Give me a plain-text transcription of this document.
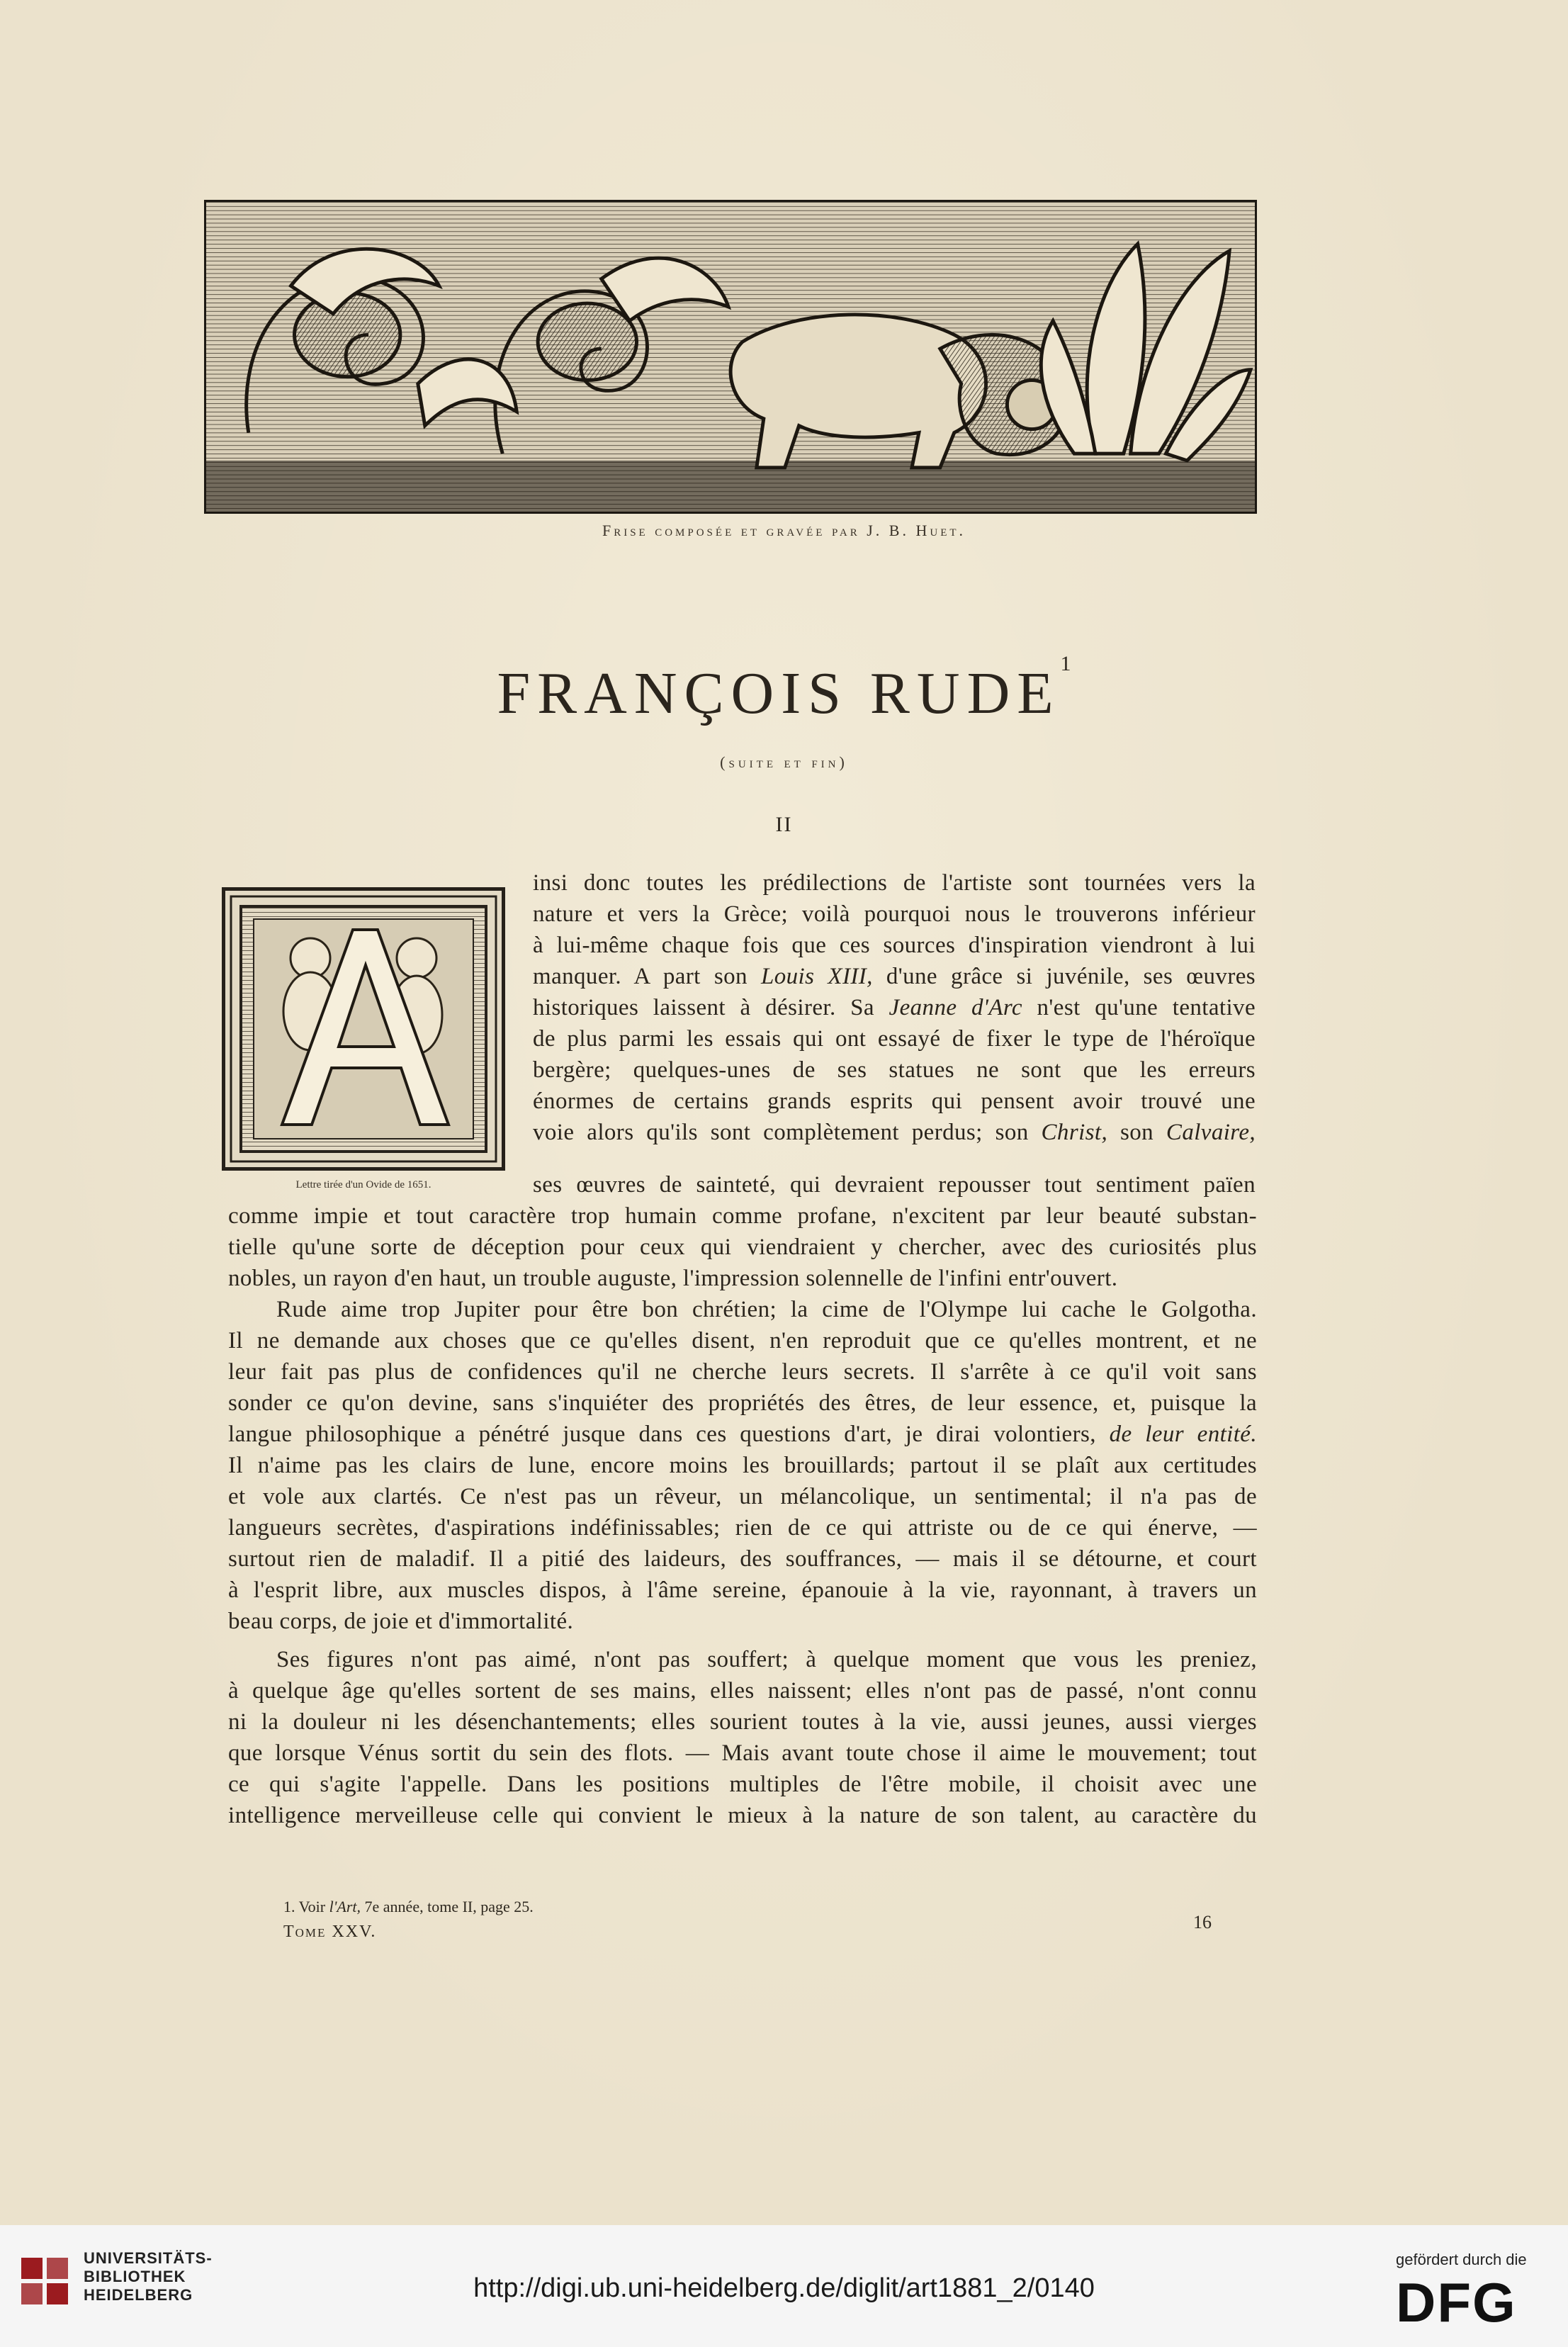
Frise composée et gravée par J. B. Huet.
FRANÇOIS RUDE$^1$
(suite et fin)
II
Lettre tirée d'un Ovide de 1651.
insi donc toutes les prédilections de l'artiste sont tournées vers la
nature et vers la Grèce; voilà pourquoi nous le trouverons inférieur
à lui-même chaque fois que ces sources d'inspiration viendront à lui
manquer. A part son Louis XIII, d'une grâce si juvénile, ses œuvres
historiques laissent à désirer. Sa Jeanne d'Arc n'est qu'une tentative
de plus parmi les essais qui ont essayé de fixer le type de l'héroïque
bergère; quelques-unes de ses statues ne sont que les erreurs
énormes de certains grands esprits qui pensent avoir trouvé une
voie alors qu'ils sont complètement perdus; son Christ, son Calvaire,
ses œuvres de sainteté, qui devraient repousser tout sentiment païen
comme impie et tout caractère trop humain comme profane, n'excitent par leur beauté substan-
tielle qu'une sorte de déception pour ceux qui viendraient y chercher, avec des curiosités plus
nobles, un rayon d'en haut, un trouble auguste, l'impression solennelle de l'infini entr'ouvert.
Rude aime trop Jupiter pour être bon chrétien; la cime de l'Olympe lui cache le Golgotha.
Il ne demande aux choses que ce qu'elles disent, n'en reproduit que ce qu'elles montrent, et ne
leur fait pas plus de confidences qu'il ne cherche leurs secrets. Il s'arrête à ce qu'il voit sans
sonder ce qu'on devine, sans s'inquiéter des propriétés des êtres, de leur essence, et, puisque la
langue philosophique a pénétré jusque dans ces questions d'art, je dirai volontiers, de leur entité.
Il n'aime pas les clairs de lune, encore moins les brouillards; partout il se plaît aux certitudes
et vole aux clartés. Ce n'est pas un rêveur, un mélancolique, un sentimental; il n'a pas de
langueurs secrètes, d'aspirations indéfinissables; rien de ce qui attriste ou de ce qui énerve, —
surtout rien de maladif. Il a pitié des laideurs, des souffrances, — mais il se détourne, et court
à l'esprit libre, aux muscles dispos, à l'âme sereine, épanouie à la vie, rayonnant, à travers un
beau corps, de joie et d'immortalité.
Ses figures n'ont pas aimé, n'ont pas souffert; à quelque moment que vous les preniez,
à quelque âge qu'elles sortent de ses mains, elles naissent; elles n'ont pas de passé, n'ont connu
ni la douleur ni les désenchantements; elles sourient toutes à la vie, aussi jeunes, aussi vierges
que lorsque Vénus sortit du sein des flots. — Mais avant toute chose il aime le mouvement; tout
ce qui s'agite l'appelle. Dans les positions multiples de l'être mobile, il choisit avec une
intelligence merveilleuse celle qui convient le mieux à la nature de son talent, au caractère du
1. Voir l'Art, 7e année, tome II, page 25.
Tome XXV.	16
UNIVERSITÄTS-
BIBLIOTHEK
HEIDELBERG	http://digi.ub.uni-heidelberg.de/diglit/art1881_2/0140
gefördert durch die
DFG
